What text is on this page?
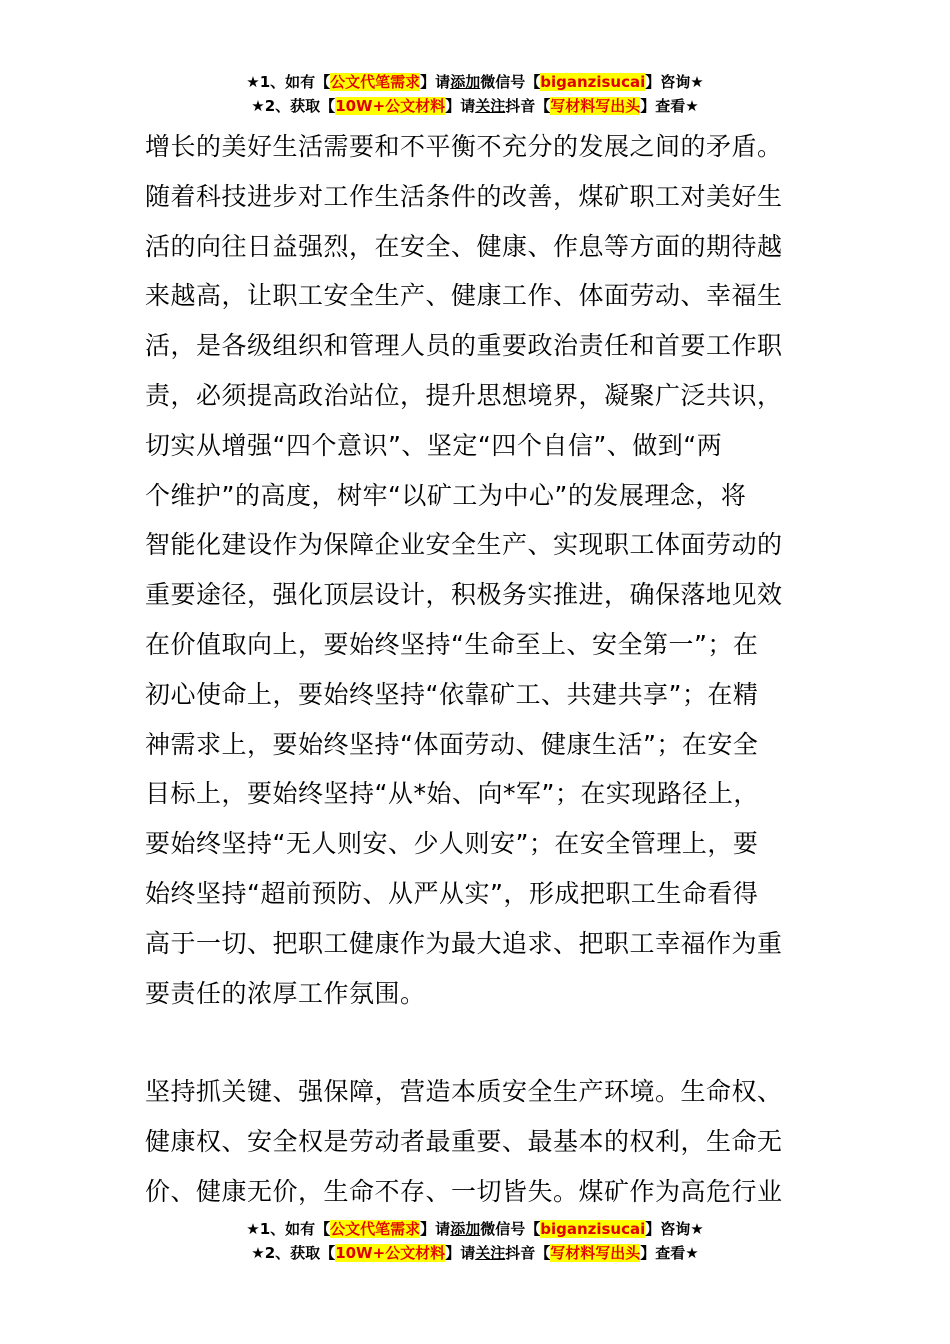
★1、如有【公文代笔需求】请添加微信号【biganzisucai】咨询★
★2、获取【10W+公文材料】请关注抖音【写材料写出头】查看★
增长的美好生活需要和不平衡不充分的发展之间的矛盾。
随着科技进步对工作生活条件的改善，煤矿职工对美好生
活的向往日益强烈，在安全、健康、作息等方面的期待越
来越高，让职工安全生产、健康工作、体面劳动、幸福生
活，是各级组织和管理人员的重要政治责任和首要工作职
责，必须提高政治站位，提升思想境界，凝聚广泛共识，
切实从增强“四个意识”、坚定“四个自信”、做到“两
个维护”的高度，树牢“以矿工为中心”的发展理念，将
智能化建设作为保障企业安全生产、实现职工体面劳动的
重要途径，强化顶层设计，积极务实推进，确保落地见效
在价值取向上，要始终坚持“生命至上、安全第一”；在
初心使命上，要始终坚持“依靠矿工、共建共享”；在精
神需求上，要始终坚持“体面劳动、健康生活”；在安全
目标上，要始终坚持“从*始、向*军”；在实现路径上，
要始终坚持“无人则安、少人则安”；在安全管理上，要
始终坚持“超前预防、从严从实”，形成把职工生命看得
高于一切、把职工健康作为最大追求、把职工幸福作为重
要责任的浓厚工作氛围。
坚持抓关键、强保障，营造本质安全生产环境。生命权、
健康权、安全权是劳动者最重要、最基本的权利，生命无
价、健康无价，生命不存、一切皆失。煤矿作为高危行业
★1、如有【公文代笔需求】请添加微信号【biganzisucai】咨询★
★2、获取【10W+公文材料】请关注抖音【写材料写出头】查看★
